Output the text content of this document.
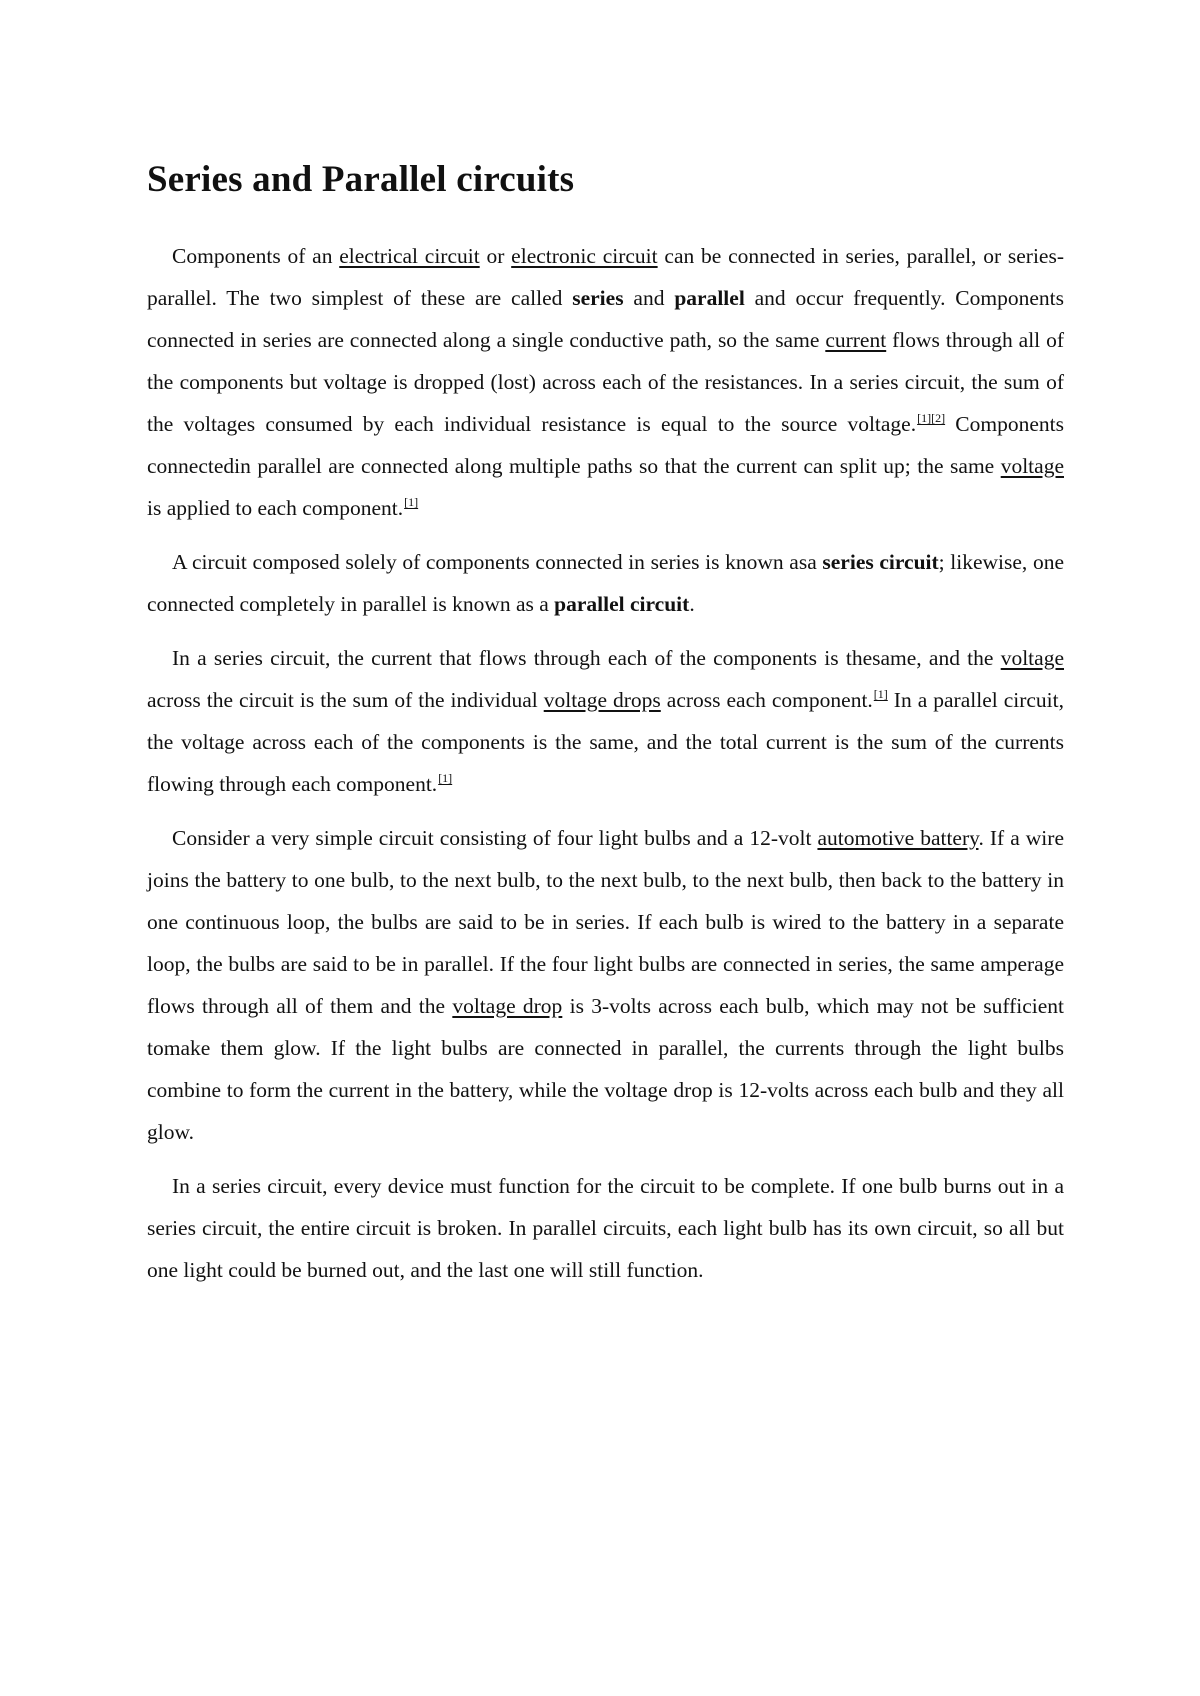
Series and Parallel circuits

Components of an electrical circuit or electronic circuit can be connected in series, parallel, or series-parallel. The two simplest of these are called series and parallel and occur frequently. Components connected in series are connected along a single conductive path, so the same current flows through all of the components but voltage is dropped (lost) across each of the resistances. In a series circuit, the sum of the voltages consumed by each individual resistance is equal to the source voltage.[1][2] Components connectedin parallel are connected along multiple paths so that the current can split up; the same voltage is applied to each component.[1]

A circuit composed solely of components connected in series is known asa series circuit; likewise, one connected completely in parallel is known as a parallel circuit.

In a series circuit, the current that flows through each of the components is thesame, and the voltage across the circuit is the sum of the individual voltage drops across each component.[1] In a parallel circuit, the voltage across each of the components is the same, and the total current is the sum of the currents flowing through each component.[1]

Consider a very simple circuit consisting of four light bulbs and a 12-volt automotive battery. If a wire joins the battery to one bulb, to the next bulb, to the next bulb, to the next bulb, then back to the battery in one continuous loop, the bulbs are said to be in series. If each bulb is wired to the battery in a separate loop, the bulbs are said to be in parallel. If the four light bulbs are connected in series, the same amperage flows through all of them and the voltage drop is 3-volts across each bulb, which may not be sufficient tomake them glow. If the light bulbs are connected in parallel, the currents through the light bulbs combine to form the current in the battery, while the voltage drop is 12-volts across each bulb and they all glow.

In a series circuit, every device must function for the circuit to be complete. If one bulb burns out in a series circuit, the entire circuit is broken. In parallel circuits, each light bulb has its own circuit, so all but one light could be burned out, and the last one will still function.
